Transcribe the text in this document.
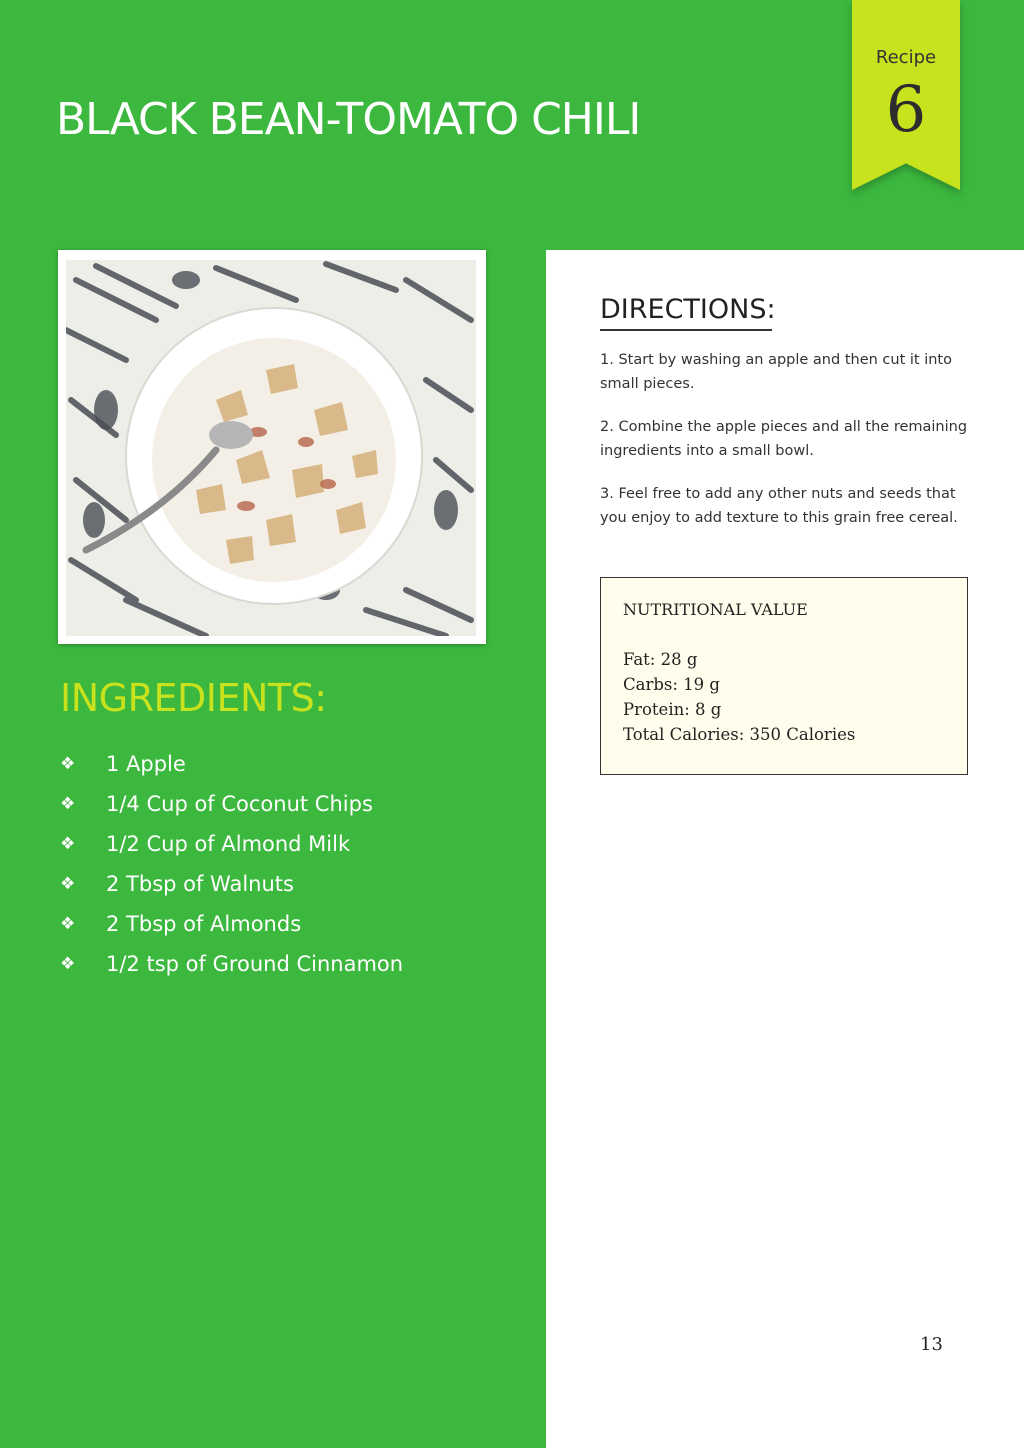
BLACK BEAN-TOMATO CHILI
Recipe
6
INGREDIENTS:
❖	1 Apple
❖	1/4 Cup of Coconut Chips
❖	1/2 Cup of Almond Milk
❖	2 Tbsp of Walnuts
❖	2 Tbsp of Almonds
❖	1/2 tsp of Ground Cinnamon
DIRECTIONS:

1. Start by washing an apple and then cut it into small pieces.

2. Combine the apple pieces and all the remaining ingredients into a small bowl.

3. Feel free to add any other nuts and seeds that you enjoy to add texture to this grain free cereal.

NUTRITIONAL VALUE

Fat: 28 g

Carbs: 19 g

Protein: 8 g

Total Calories: 350 Calories

13
